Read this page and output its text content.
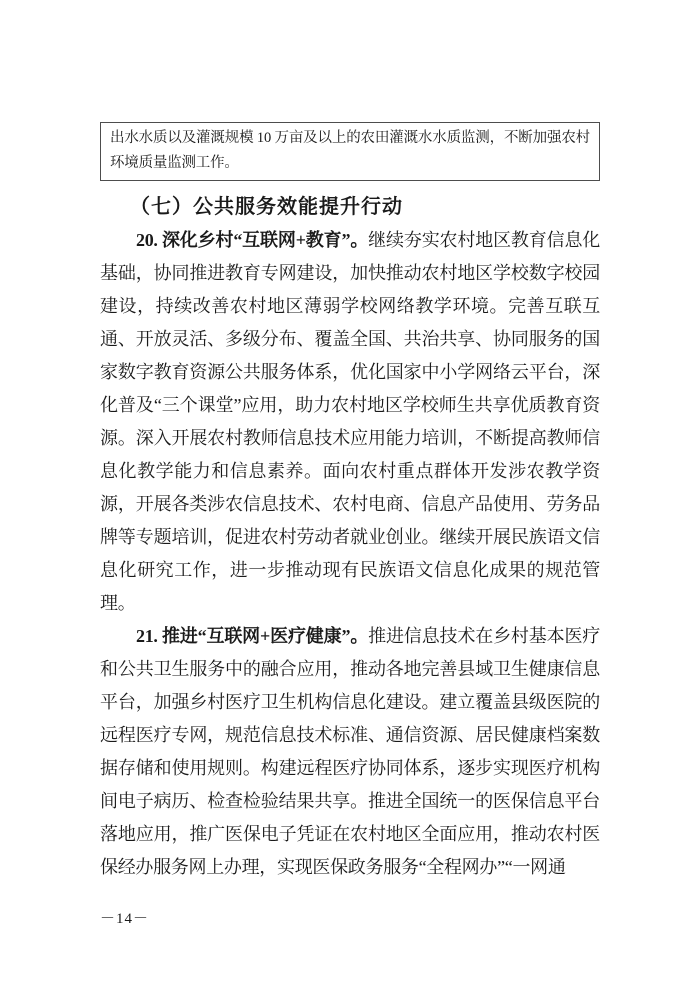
出水水质以及灌溉规模 10 万亩及以上的农田灌溉水水质监测，不断加强农村环境质量监测工作。
（七）公共服务效能提升行动

20. 深化乡村“互联网+教育”。继续夯实农村地区教育信息化基础，协同推进教育专网建设，加快推动农村地区学校数字校园建设，持续改善农村地区薄弱学校网络教学环境。完善互联互通、开放灵活、多级分布、覆盖全国、共治共享、协同服务的国家数字教育资源公共服务体系，优化国家中小学网络云平台，深化普及“三个课堂”应用，助力农村地区学校师生共享优质教育资源。深入开展农村教师信息技术应用能力培训，不断提高教师信息化教学能力和信息素养。面向农村重点群体开发涉农教学资源，开展各类涉农信息技术、农村电商、信息产品使用、劳务品牌等专题培训，促进农村劳动者就业创业。继续开展民族语文信息化研究工作，进一步推动现有民族语文信息化成果的规范管理。

21. 推进“互联网+医疗健康”。推进信息技术在乡村基本医疗和公共卫生服务中的融合应用，推动各地完善县域卫生健康信息平台，加强乡村医疗卫生机构信息化建设。建立覆盖县级医院的远程医疗专网，规范信息技术标准、通信资源、居民健康档案数据存储和使用规则。构建远程医疗协同体系，逐步实现医疗机构间电子病历、检查检验结果共享。推进全国统一的医保信息平台落地应用，推广医保电子凭证在农村地区全面应用，推动农村医保经办服务网上办理，实现医保政务服务“全程网办”“一网通

－14－
